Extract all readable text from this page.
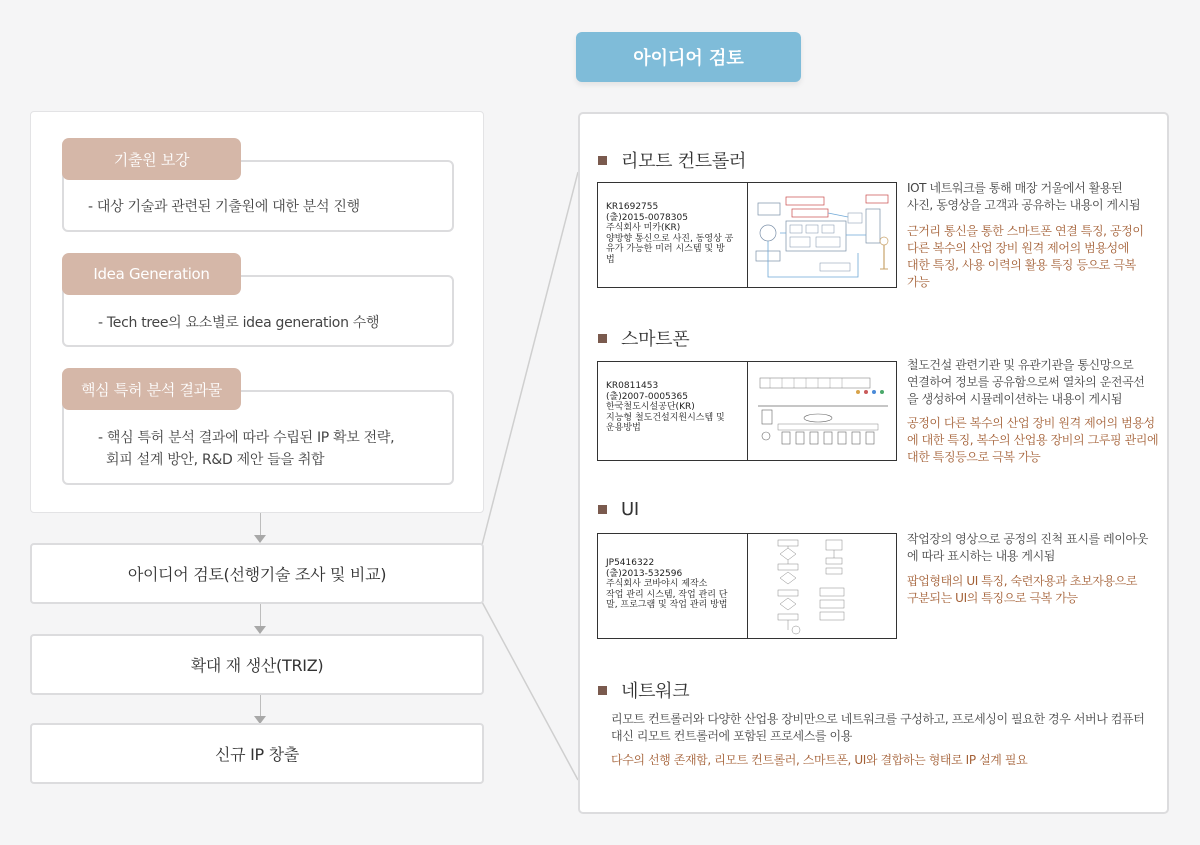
- 대상 기술과 관련된 기출원에 대한 분석 진행
기출원 보강
- Tech tree의 요소별로 idea generation 수행
Idea Generation
- 핵심 특허 분석 결과에 따라 수립된 IP 확보 전략,
회피 설계 방안, R&D 제안 들을 취합
핵심 특허 분석 결과물
아이디어 검토(선행기술 조사 및 비교)
확대 재 생산(TRIZ)
신규 IP 창출
아이디어 검토
리모트 컨트롤러
KR1692755
(출)2015-0078305
주식회사 미카(KR)
양방향 통신으로 사진, 동영상 공
유가 가능한 미러 시스템 및 방
법
IOT 네트워크를 통해 매장 거울에서 활용된
사진, 동영상을 고객과 공유하는 내용이 게시됨
근거리 통신을 통한 스마트폰 연결 특징, 공정이
다른 복수의 산업 장비 원격 제어의 범용성에
대한 특징, 사용 이력의 활용 특징 등으로 극복
가능
스마트폰
KR0811453
(출)2007-0005365
한국철도시설공단(KR)
지능형 철도건설지원시스템 및
운용방법
철도건설 관련기관 및 유관기관을 통신망으로
연결하여 정보를 공유함으로써 열차의 운전곡선
을 생성하여 시뮬레이션하는 내용이 게시됨
공정이 다른 복수의 산업 장비 원격 제어의 범용성
에 대한 특징, 복수의 산업용 장비의 그루핑 관리에
대한 특징등으로 극복 가능
UI
JP5416322
(출)2013-532596
주식회사 코바야시 제작소
작업 관리 시스템, 작업 관리 단
말, 프로그램 및 작업 관리 방법
작업장의 영상으로 공정의 진척 표시를 레이아웃
에 따라 표시하는 내용 게시됨
팝업형태의 UI 특징, 숙련자용과 초보자용으로
구분되는 UI의 특징으로 극복 가능
네트워크
리모트 컨트롤러와 다양한 산업용 장비만으로 네트워크를 구성하고, 프로세싱이 필요한 경우 서버나 컴퓨터
대신 리모트 컨트롤러에 포함된 프로세스를 이용
다수의 선행 존재함, 리모트 컨트롤러, 스마트폰, UI와 결합하는 형태로 IP 설계 필요
